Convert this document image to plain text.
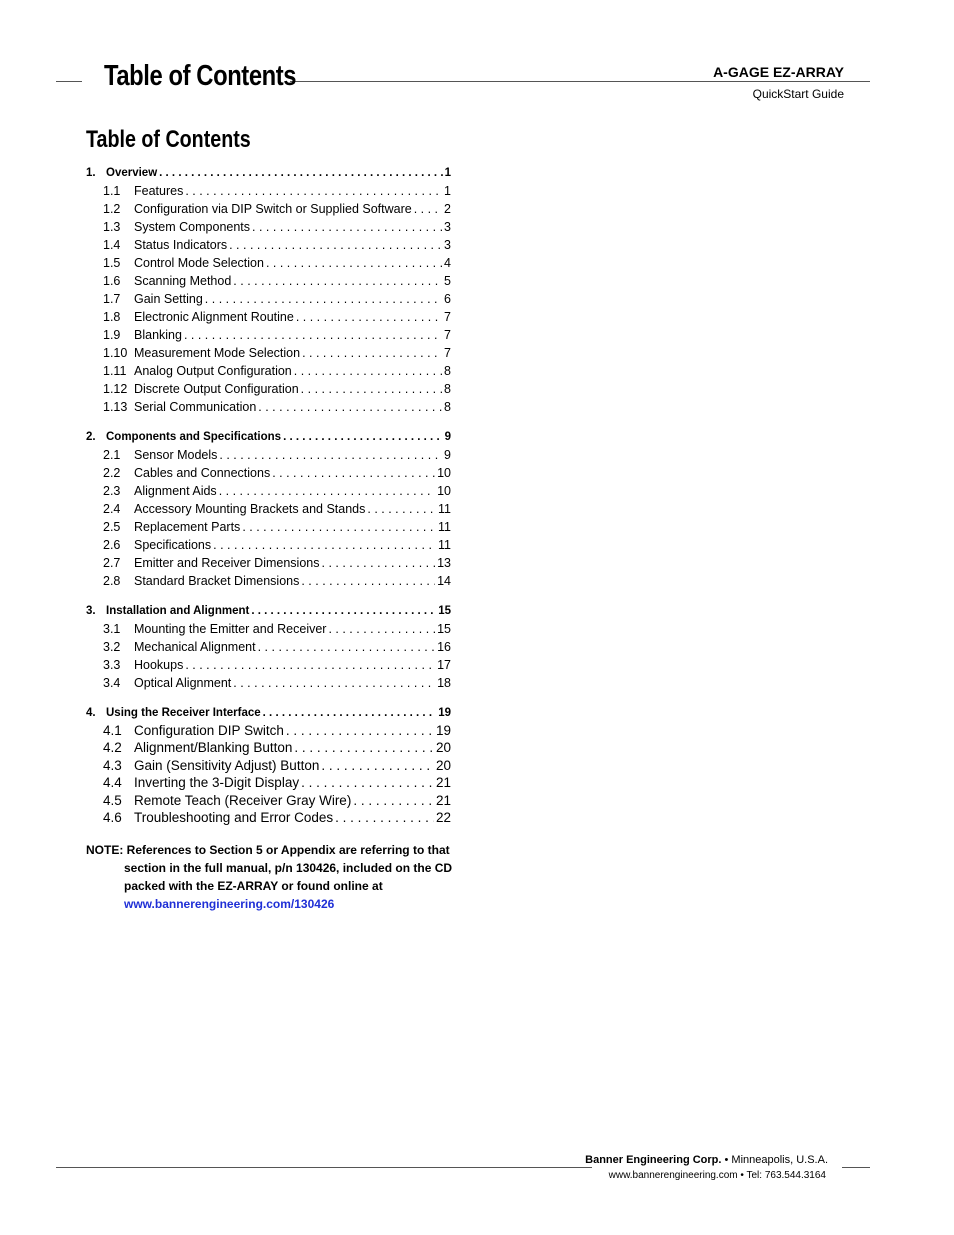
Table of Contents	A-GAGE EZ-ARRAY
QuickStart Guide
Table of Contents
1. Overview . . .	1
1.1	Features . . .	1
1.2	Configuration via DIP Switch or Supplied Software . . .	2
1.3	System Components . . .	3
1.4	Status Indicators . . .	3
1.5	Control Mode Selection . . .	4
1.6	Scanning Method . . .	5
1.7	Gain Setting . . .	6
1.8	Electronic Alignment Routine . . .	7
1.9	Blanking . . .	7
1.10 Measurement Mode Selection . . .	7
1.11 Analog Output Configuration . . .	8
1.12 Discrete Output Configuration . . .	8
1.13 Serial Communication . . .	8
2. Components and Specifications . . .	9
2.1	Sensor Models . . .	9
2.2	Cables and Connections . . .	10
2.3	Alignment Aids . . .	10
2.4	Accessory Mounting Brackets and Stands . . .	11
2.5	Replacement Parts . . .	11
2.6	Specifications . . .	11
2.7	Emitter and Receiver Dimensions . . .	13
2.8	Standard Bracket Dimensions . . .	14
3. Installation and Alignment . . .	15
3.1	Mounting the Emitter and Receiver . . .	15
3.2	Mechanical Alignment . . .	16
3.3	Hookups . . .	17
3.4	Optical Alignment . . .	18
4. Using the Receiver Interface . . .	19
4.1 Configuration DIP Switch . . .	19
4.2 Alignment/Blanking Button . . .	20
4.3 Gain (Sensitivity Adjust) Button . . .	20
4.4 Inverting the 3-Digit Display . . .	21
4.5 Remote Teach (Receiver Gray Wire) . . .	21
4.6 Troubleshooting and Error Codes . . .	22
NOTE: References to Section 5 or Appendix are referring to that
section in the full manual, p/n 130426, included on the CD
packed with the EZ-ARRAY or found online at
www.bannerengineering.com/130426
Banner Engineering Corp. • Minneapolis, U.S.A.
www.bannerengineering.com • Tel: 763.544.3164
